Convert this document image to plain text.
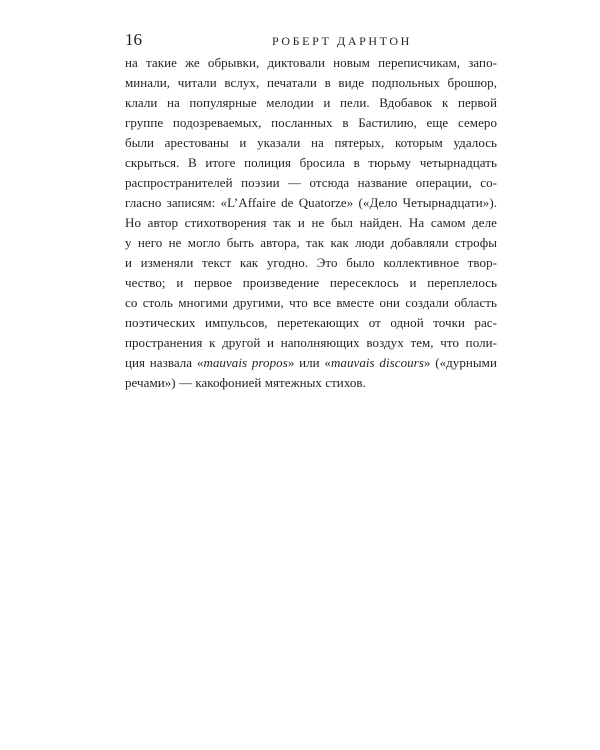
16	РОБЕРТ ДАРНТОН
на такие же обрывки, диктовали новым переписчикам, запо-
минали, читали вслух, печатали в виде подпольных брошюр,
клали на популярные мелодии и пели. Вдобавок к первой
группе подозреваемых, посланных в Бастилию, еще семеро
были арестованы и указали на пятерых, которым удалось
скрыться. В итоге полиция бросила в тюрьму четырнадцать
распространителей поэзии — отсюда название операции, со-
гласно записям: «L’Affaire de Quatorze» («Дело Четырнадцати»).
Но автор стихотворения так и не был найден. На самом деле
у него не могло быть автора, так как люди добавляли строфы
и изменяли текст как угодно. Это было коллективное твор-
чество; и первое произведение пересеклось и переплелось
со столь многими другими, что все вместе они создали область
поэтических импульсов, перетекающих от одной точки рас-
пространения к другой и наполняющих воздух тем, что поли-
ция назвала «mauvais propos» или «mauvais discours» («дурными
речами») — какофонией мятежных стихов.
